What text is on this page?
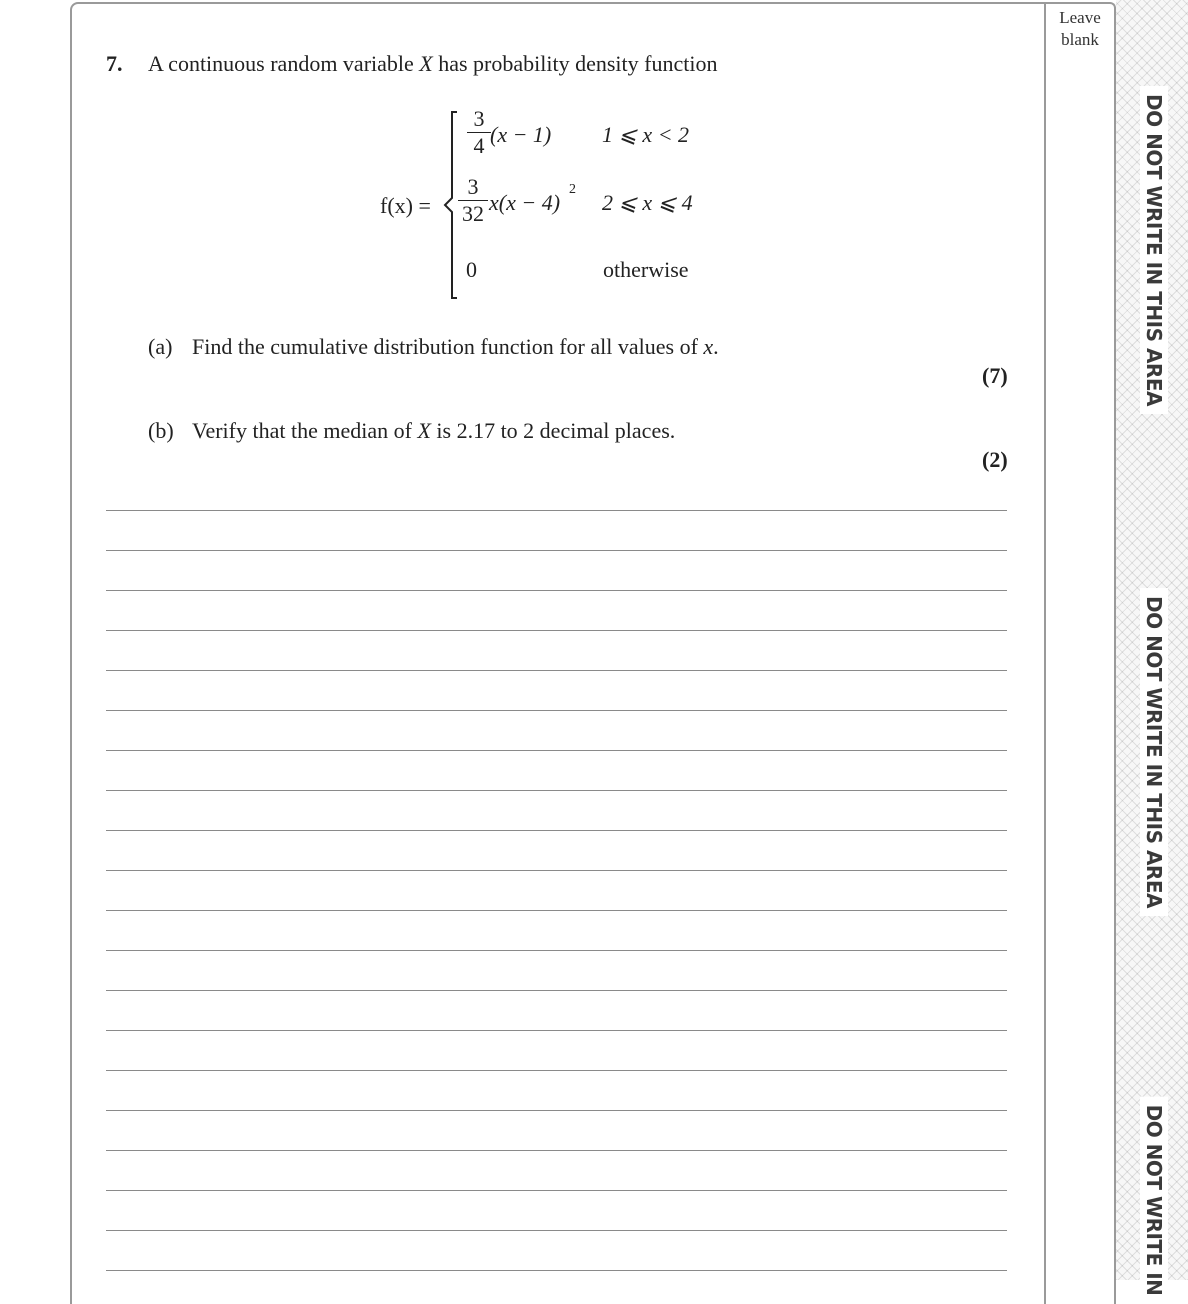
Leave
blank
DO NOT WRITE IN THIS AREA
DO NOT WRITE IN THIS AREA
DO NOT WRITE IN
7. A continuous random variable X has probability density function
f(x) =
3
4 (x − 1) 1 ⩽ x < 2
3
32 x(x − 4)
2
2 ⩽ x ⩽ 4
0	otherwise
(a) Find the cumulative distribution function for all values of x.
(7)
(b) Verify that the median of X is 2.17 to 2 decimal places.
(2)
